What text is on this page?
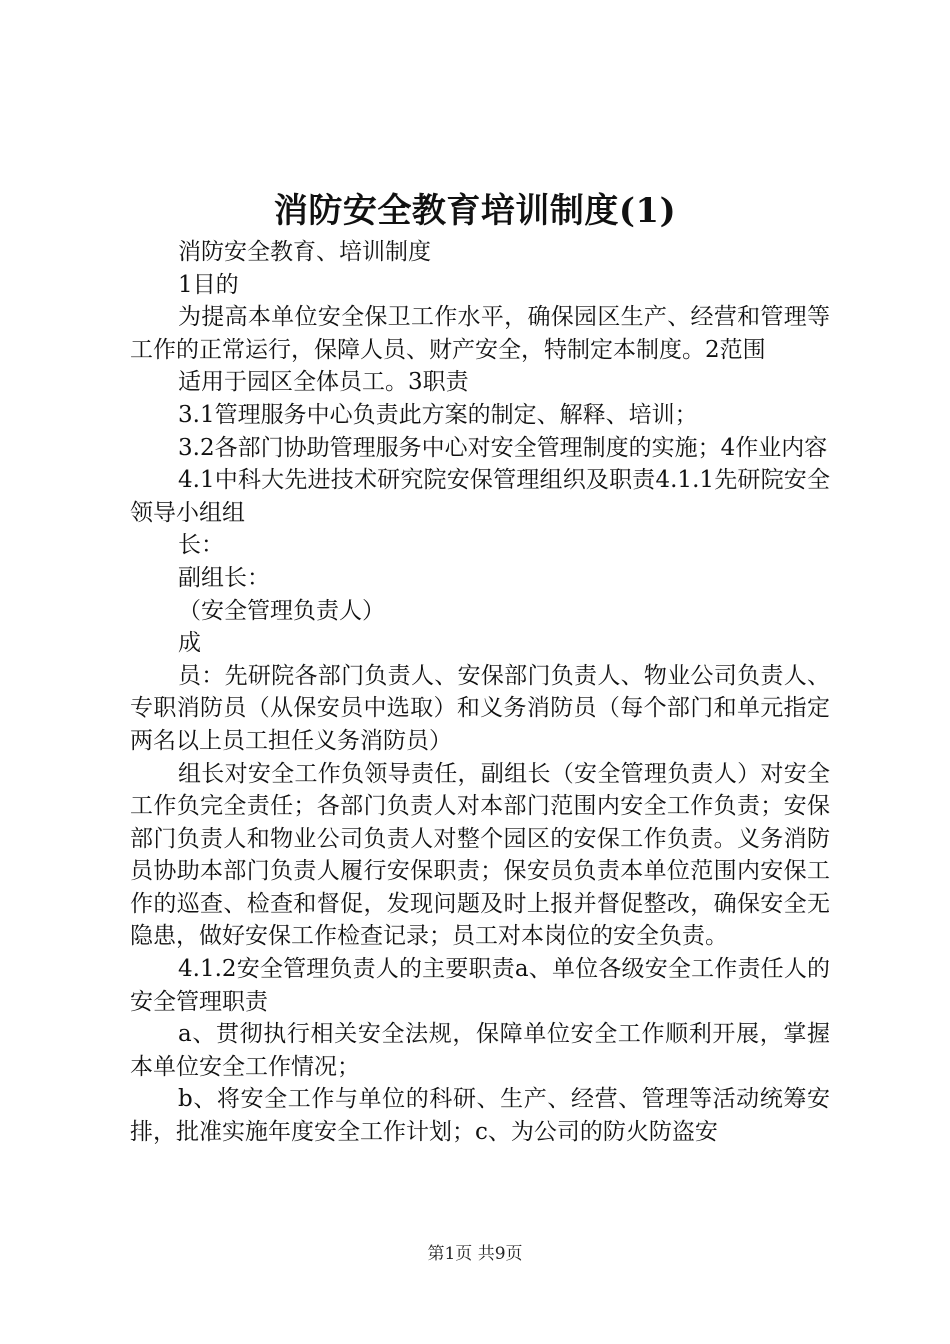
消防安全教育培训制度(1)

消防安全教育、培训制度

1目的

为提高本单位安全保卫工作水平，确保园区生产、经营和管理等工作的正常运行，保障人员、财产安全，特制定本制度。2范围

适用于园区全体员工。3职责

3.1管理服务中心负责此方案的制定、解释、培训；

3.2各部门协助管理服务中心对安全管理制度的实施；4作业内容

4.1中科大先进技术研究院安保管理组织及职责4.1.1先研院安全领导小组组

长：

副组长：

（安全管理负责人）

成

员：先研院各部门负责人、安保部门负责人、物业公司负责人、专职消防员（从保安员中选取）和义务消防员（每个部门和单元指定两名以上员工担任义务消防员）

组长对安全工作负领导责任，副组长（安全管理负责人）对安全工作负完全责任；各部门负责人对本部门范围内安全工作负责；安保部门负责人和物业公司负责人对整个园区的安保工作负责。义务消防员协助本部门负责人履行安保职责；保安员负责本单位范围内安保工作的巡查、检查和督促，发现问题及时上报并督促整改，确保安全无隐患，做好安保工作检查记录；员工对本岗位的安全负责。

4.1.2安全管理负责人的主要职责a、单位各级安全工作责任人的安全管理职责

a、贯彻执行相关安全法规，保障单位安全工作顺利开展，掌握本单位安全工作情况；

b、将安全工作与单位的科研、生产、经营、管理等活动统筹安排，批准实施年度安全工作计划；c、为公司的防火防盗安

第1页 共9页
